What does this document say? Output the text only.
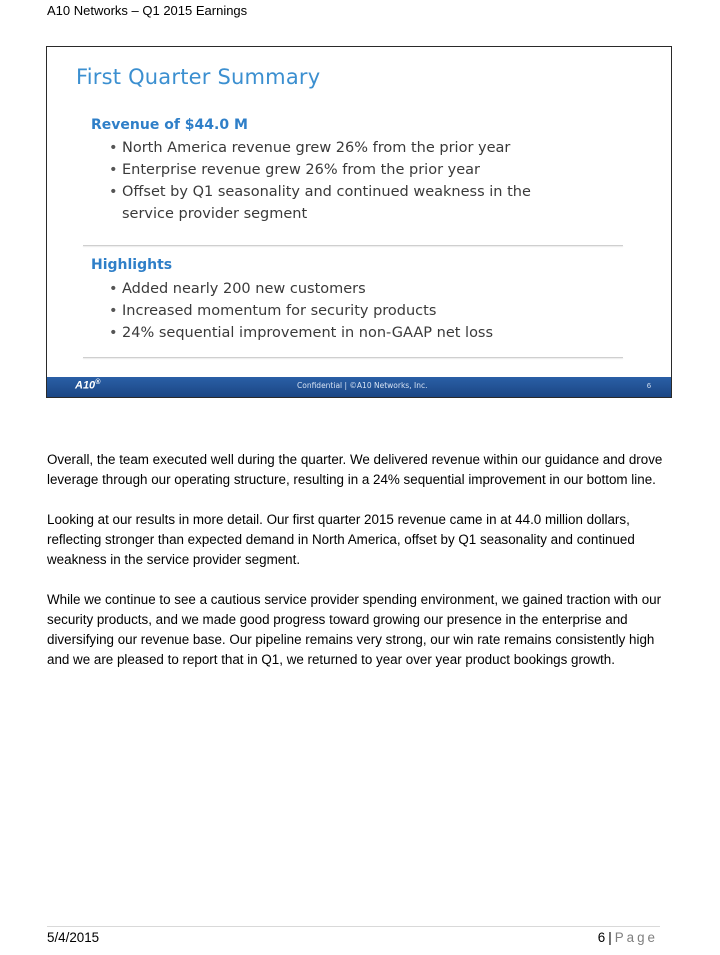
A10 Networks – Q1 2015 Earnings
First Quarter Summary
Revenue of $44.0 M
• North America revenue grew 26% from the prior year
• Enterprise revenue grew 26% from the prior year
• Offset by Q1 seasonality and continued weakness in the
service provider segment
Highlights
• Added nearly 200 new customers
• Increased momentum for security products
• 24% sequential improvement in non-GAAP net loss
A10®	Confidential | ©A10 Networks, Inc.	6

Overall, the team executed well during the quarter. We delivered revenue within our guidance and drove leverage through our operating structure, resulting in a 24% sequential improvement in our bottom line.

Looking at our results in more detail. Our first quarter 2015 revenue came in at 44.0 million dollars, reflecting stronger than expected demand in North America, offset by Q1 seasonality and continued weakness in the service provider segment.

While we continue to see a cautious service provider spending environment, we gained traction with our security products, and we made good progress toward growing our presence in the enterprise and diversifying our revenue base. Our pipeline remains very strong, our win rate remains consistently high and we are pleased to report that in Q1, we returned to year over year product bookings growth.

5/4/2015	6 | Page
